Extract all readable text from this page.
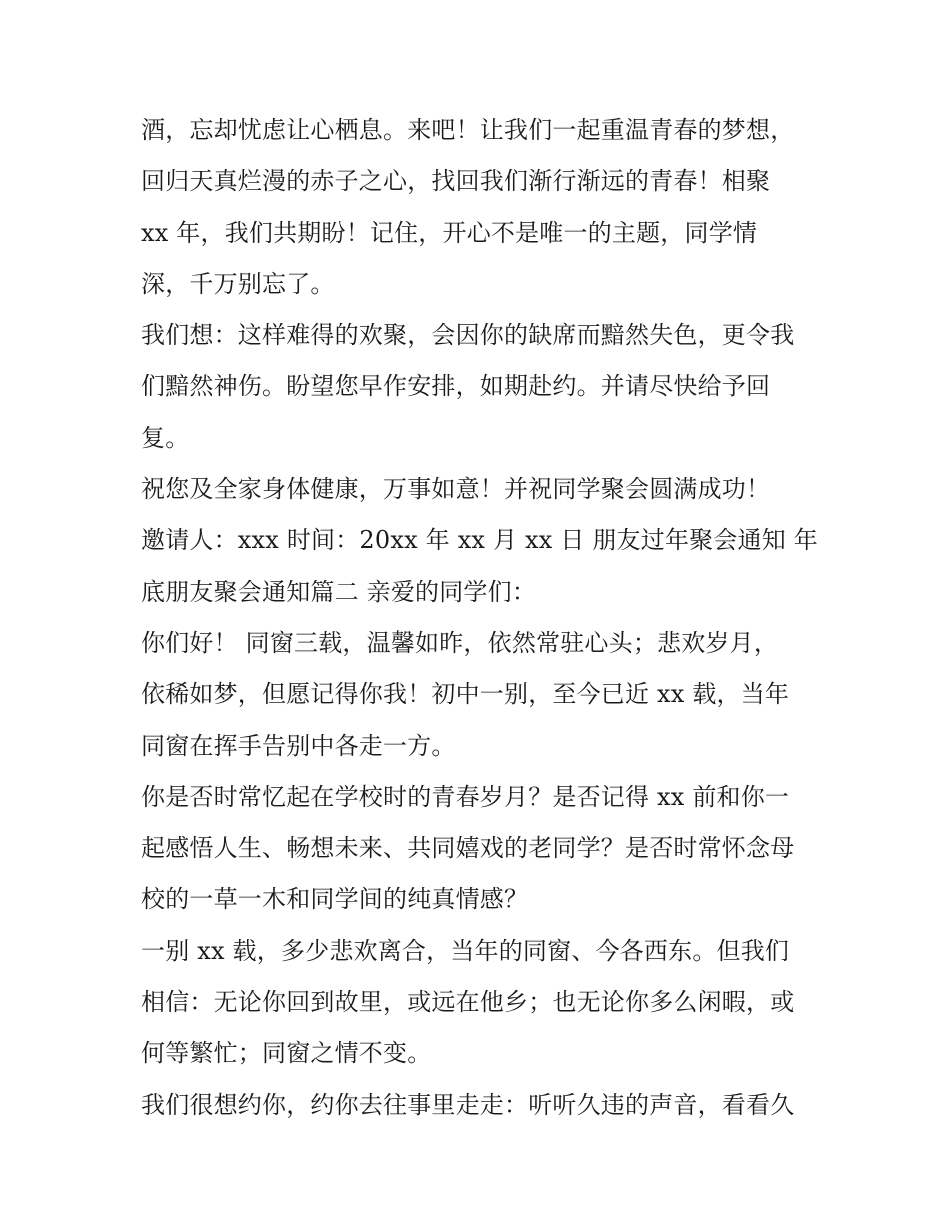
酒，忘却忧虑让心栖息。来吧！让我们一起重温青春的梦想，
回归天真烂漫的赤子之心，找回我们渐行渐远的青春！相聚
xx 年，我们共期盼！记住，开心不是唯一的主题，同学情
深，千万别忘了。
我们想：这样难得的欢聚，会因你的缺席而黯然失色，更令我
们黯然神伤。盼望您早作安排，如期赴约。并请尽快给予回
复。
祝您及全家身体健康，万事如意！并祝同学聚会圆满成功！
邀请人：xxx 时间：20xx 年 xx 月 xx 日 朋友过年聚会通知 年
底朋友聚会通知篇二 亲爱的同学们：
你们好！ 同窗三载，温馨如昨，依然常驻心头；悲欢岁月，
依稀如梦，但愿记得你我！初中一别，至今已近 xx 载，当年
同窗在挥手告别中各走一方。
你是否时常忆起在学校时的青春岁月？是否记得 xx 前和你一
起感悟人生、畅想未来、共同嬉戏的老同学？是否时常怀念母
校的一草一木和同学间的纯真情感？
一别 xx 载，多少悲欢离合，当年的同窗、今各西东。但我们
相信：无论你回到故里，或远在他乡；也无论你多么闲暇，或
何等繁忙；同窗之情不变。
我们很想约你，约你去往事里走走：听听久违的声音，看看久
